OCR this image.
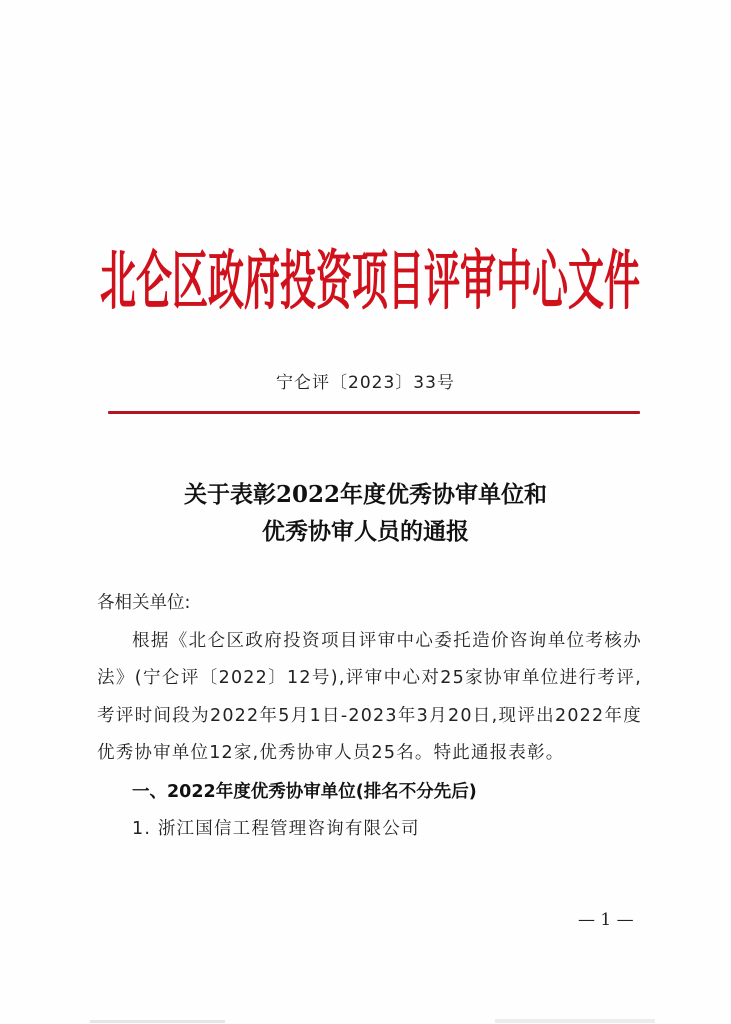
北仑区政府投资项目评审中心文件
宁仑评〔2023〕33号
关于表彰2022年度优秀协审单位和
优秀协审人员的通报

各相关单位:

根据《北仑区政府投资项目评审中心委托造价咨询单位考核办法》(宁仑评〔2022〕12号),评审中心对25家协审单位进行考评,考评时间段为2022年5月1日-2023年3月20日,现评出2022年度优秀协审单位12家,优秀协审人员25名。特此通报表彰。

一、2022年度优秀协审单位(排名不分先后)

1. 浙江国信工程管理咨询有限公司

— 1 —
